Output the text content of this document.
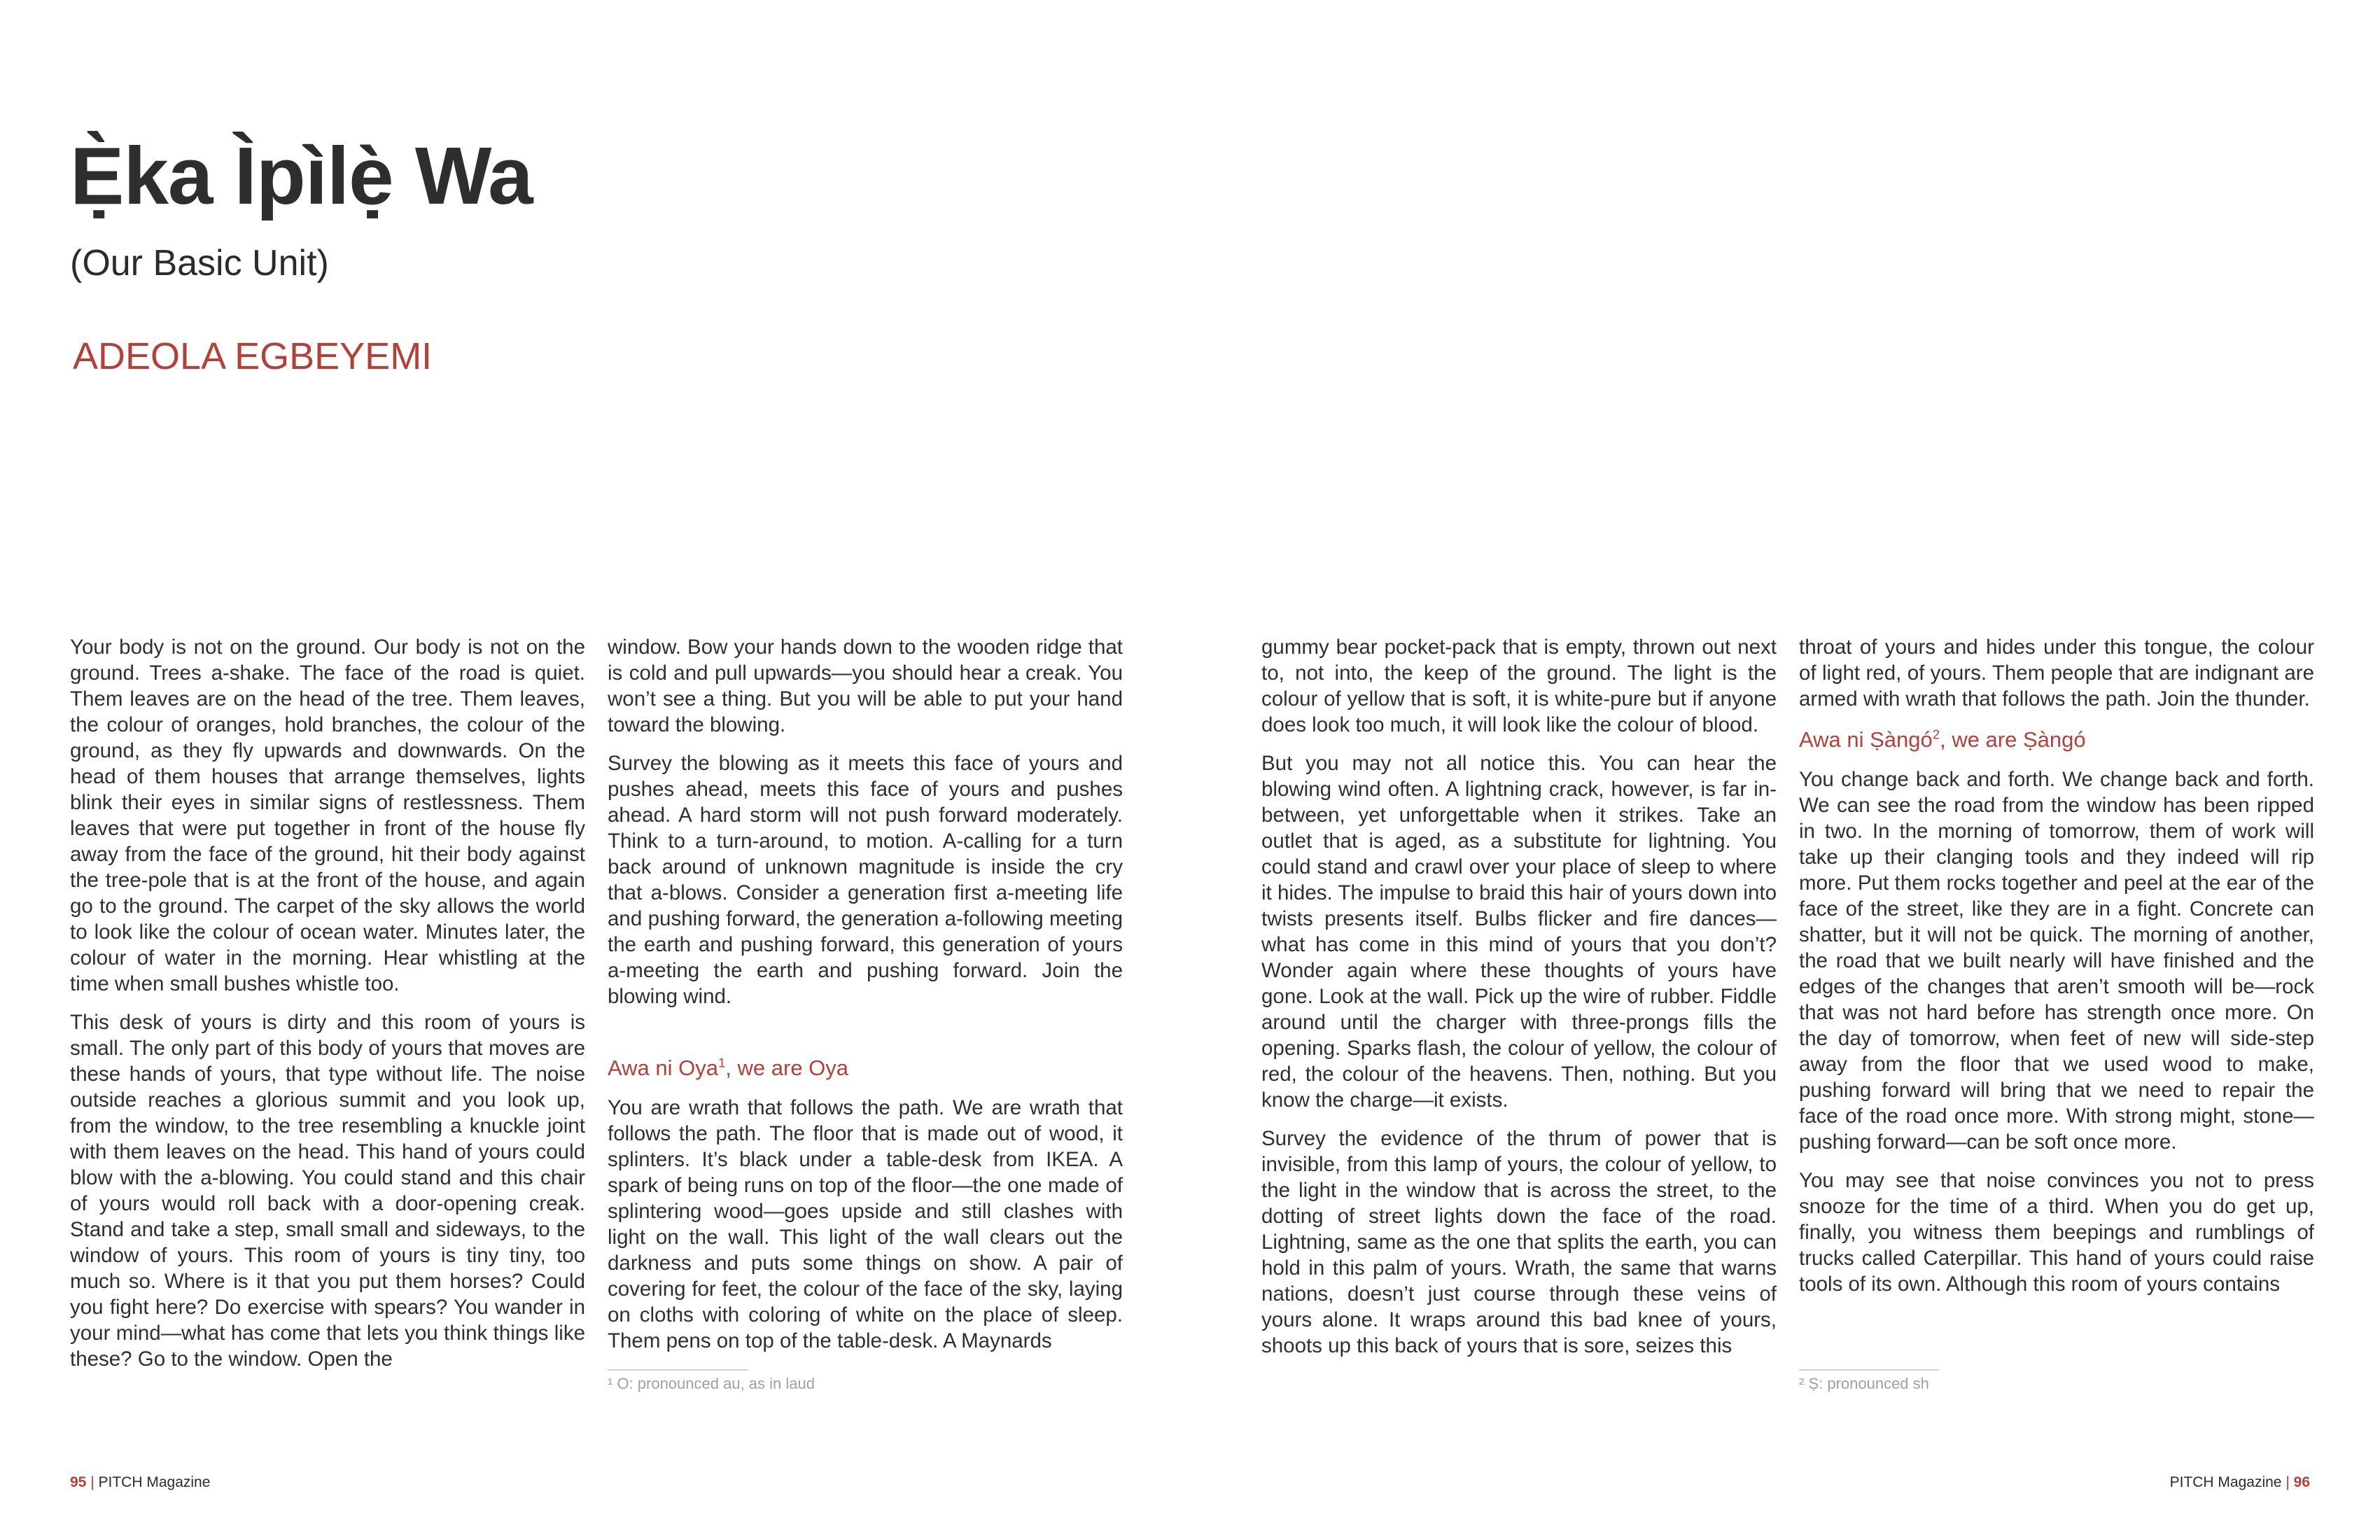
Ẹ̀ka Ìpìlẹ̀ Wa
(Our Basic Unit)
ADEOLA EGBEYEMI

Your body is not on the ground. Our body is not on the ground. Trees a-shake. The face of the road is quiet. Them leaves are on the head of the tree. Them leaves, the colour of oranges, hold branches, the colour of the ground, as they fly upwards and downwards. On the head of them houses that arrange themselves, lights blink their eyes in similar signs of restlessness. Them leaves that were put together in front of the house fly away from the face of the ground, hit their body against the tree-pole that is at the front of the house, and again go to the ground. The carpet of the sky allows the world to look like the colour of ocean water. Minutes later, the colour of water in the morning. Hear whistling at the time when small bushes whistle too.

This desk of yours is dirty and this room of yours is small. The only part of this body of yours that moves are these hands of yours, that type without life. The noise outside reaches a glorious summit and you look up, from the window, to the tree resembling a knuckle joint with them leaves on the head. This hand of yours could blow with the a-blowing. You could stand and this chair of yours would roll back with a door-opening creak. Stand and take a step, small small and sideways, to the window of yours. This room of yours is tiny tiny, too much so. Where is it that you put them horses? Could you fight here? Do exercise with spears? You wander in your mind—what has come that lets you think things like these? Go to the window. Open the

window. Bow your hands down to the wooden ridge that is cold and pull upwards—you should hear a creak. You won’t see a thing. But you will be able to put your hand toward the blowing.

Survey the blowing as it meets this face of yours and pushes ahead, meets this face of yours and pushes ahead. A hard storm will not push forward moderately. Think to a turn-around, to motion. A-calling for a turn back around of unknown magnitude is inside the cry that a-blows. Consider a generation first a-meeting life and pushing forward, the generation a-following meeting the earth and pushing forward, this generation of yours a-meeting the earth and pushing forward. Join the blowing wind.

Awa ni Oya$^1$, we are Oya

You are wrath that follows the path. We are wrath that follows the path. The floor that is made out of wood, it splinters. It’s black under a table-desk from IKEA. A spark of being runs on top of the floor—the one made of splintering wood—goes upside and still clashes with light on the wall. This light of the wall clears out the darkness and puts some things on show. A pair of covering for feet, the colour of the face of the sky, laying on cloths with coloring of white on the place of sleep. Them pens on top of the table-desk. A Maynards

¹ O: pronounced au, as in laud

gummy bear pocket-pack that is empty, thrown out next to, not into, the keep of the ground. The light is the colour of yellow that is soft, it is white-pure but if anyone does look too much, it will look like the colour of blood.

But you may not all notice this. You can hear the blowing wind often. A lightning crack, however, is far in-between, yet unforgettable when it strikes. Take an outlet that is aged, as a substitute for lightning. You could stand and crawl over your place of sleep to where it hides. The impulse to braid this hair of yours down into twists presents itself. Bulbs flicker and fire dances—what has come in this mind of yours that you don’t? Wonder again where these thoughts of yours have gone. Look at the wall. Pick up the wire of rubber. Fiddle around until the charger with three-prongs fills the opening. Sparks flash, the colour of yellow, the colour of red, the colour of the heavens. Then, nothing. But you know the charge—it exists.

Survey the evidence of the thrum of power that is invisible, from this lamp of yours, the colour of yellow, to the light in the window that is across the street, to the dotting of street lights down the face of the road. Lightning, same as the one that splits the earth, you can hold in this palm of yours. Wrath, the same that warns nations, doesn’t just course through these veins of yours alone. It wraps around this bad knee of yours, shoots up this back of yours that is sore, seizes this

throat of yours and hides under this tongue, the colour of light red, of yours. Them people that are indignant are armed with wrath that follows the path. Join the thunder.

Awa ni Ṣàngó$^2$, we are Ṣàngó

You change back and forth. We change back and forth. We can see the road from the window has been ripped in two. In the morning of tomorrow, them of work will take up their clanging tools and they indeed will rip more. Put them rocks together and peel at the ear of the face of the street, like they are in a fight. Concrete can shatter, but it will not be quick. The morning of another, the road that we built nearly will have finished and the edges of the changes that aren’t smooth will be—rock that was not hard before has strength once more. On the day of tomorrow, when feet of new will side-step away from the floor that we used wood to make, pushing forward will bring that we need to repair the face of the road once more. With strong might, stone—pushing forward—can be soft once more.

You may see that noise convinces you not to press snooze for the time of a third. When you do get up, finally, you witness them beepings and rumblings of trucks called Caterpillar. This hand of yours could raise tools of its own. Although this room of yours contains

² Ṣ: pronounced sh
95 | PITCH Magazine	PITCH Magazine | 96
